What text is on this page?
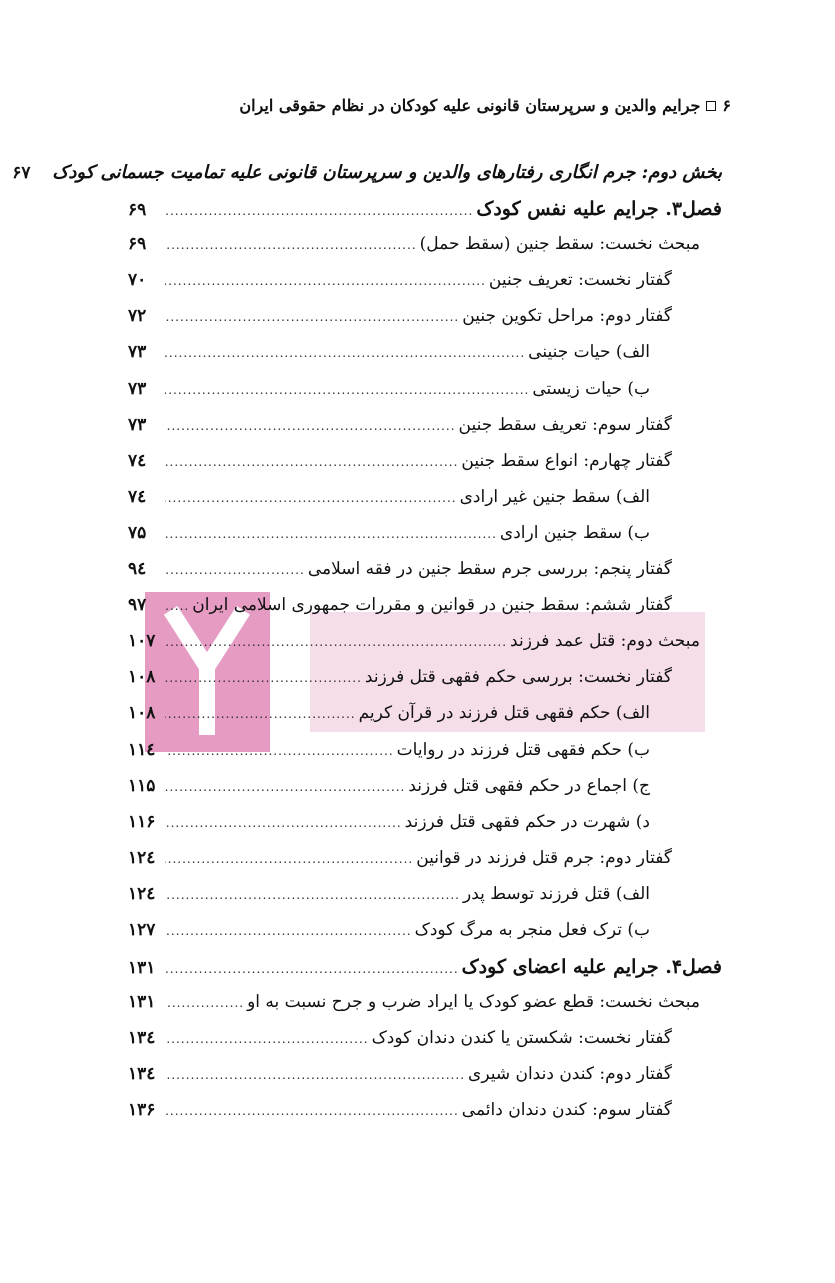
۶
جرایم والدین و سرپرستان قانونی علیه کودکان در نظام حقوقی ایران
بخش دوم: جرم انگاری رفتارهای والدین و سرپرستان قانونی علیه تمامیت جسمانی کودک
۶۷
فصل۳. جرایم علیه نفس کودک
.....
۶۹
مبحث نخست: سقط جنین (سقط حمل)
.....
۶۹
گفتار نخست: تعریف جنین
.....
۷۰
گفتار دوم: مراحل تکوین جنین
.....
۷۲
الف) حیات جنینی
.....
۷۳
ب) حیات زیستی
.....
۷۳
گفتار سوم: تعریف سقط جنین
.....
۷۳
گفتار چهارم: انواع سقط جنین
.....
۷٤
الف) سقط جنین غیر ارادی
.....
۷٤
ب) سقط جنین ارادی
.....
۷۵
گفتار پنجم: بررسی جرم سقط جنین در فقه اسلامی
.....
۹٤
گفتار ششم: سقط جنین در قوانین و مقررات جمهوری اسلامی ایران
.....
۹۷
مبحث دوم: قتل عمد فرزند
.....
۱۰۷
گفتار نخست: بررسی حکم فقهی قتل فرزند
.....
۱۰۸
الف) حکم فقهی قتل فرزند در قرآن کریم
.....
۱۰۸
ب) حکم فقهی قتل فرزند در روایات
.....
۱۱٤
ج) اجماع در حکم فقهی قتل فرزند
.....
۱۱۵
د) شهرت در حکم فقهی قتل فرزند
.....
۱۱۶
گفتار دوم: جرم قتل فرزند در قوانین
.....
۱۲٤
الف) قتل فرزند توسط پدر
.....
۱۲٤
ب) ترک فعل منجر به مرگ کودک
.....
۱۲۷
فصل۴. جرایم علیه اعضای کودک
.....
۱۳۱
مبحث نخست: قطع عضو کودک یا ایراد ضرب و جرح نسبت به او
.....
۱۳۱
گفتار نخست: شکستن یا کندن دندان کودک
.....
۱۳٤
گفتار دوم: کندن دندان شیری
.....
۱۳٤
گفتار سوم: کندن دندان دائمی
.....
۱۳۶
